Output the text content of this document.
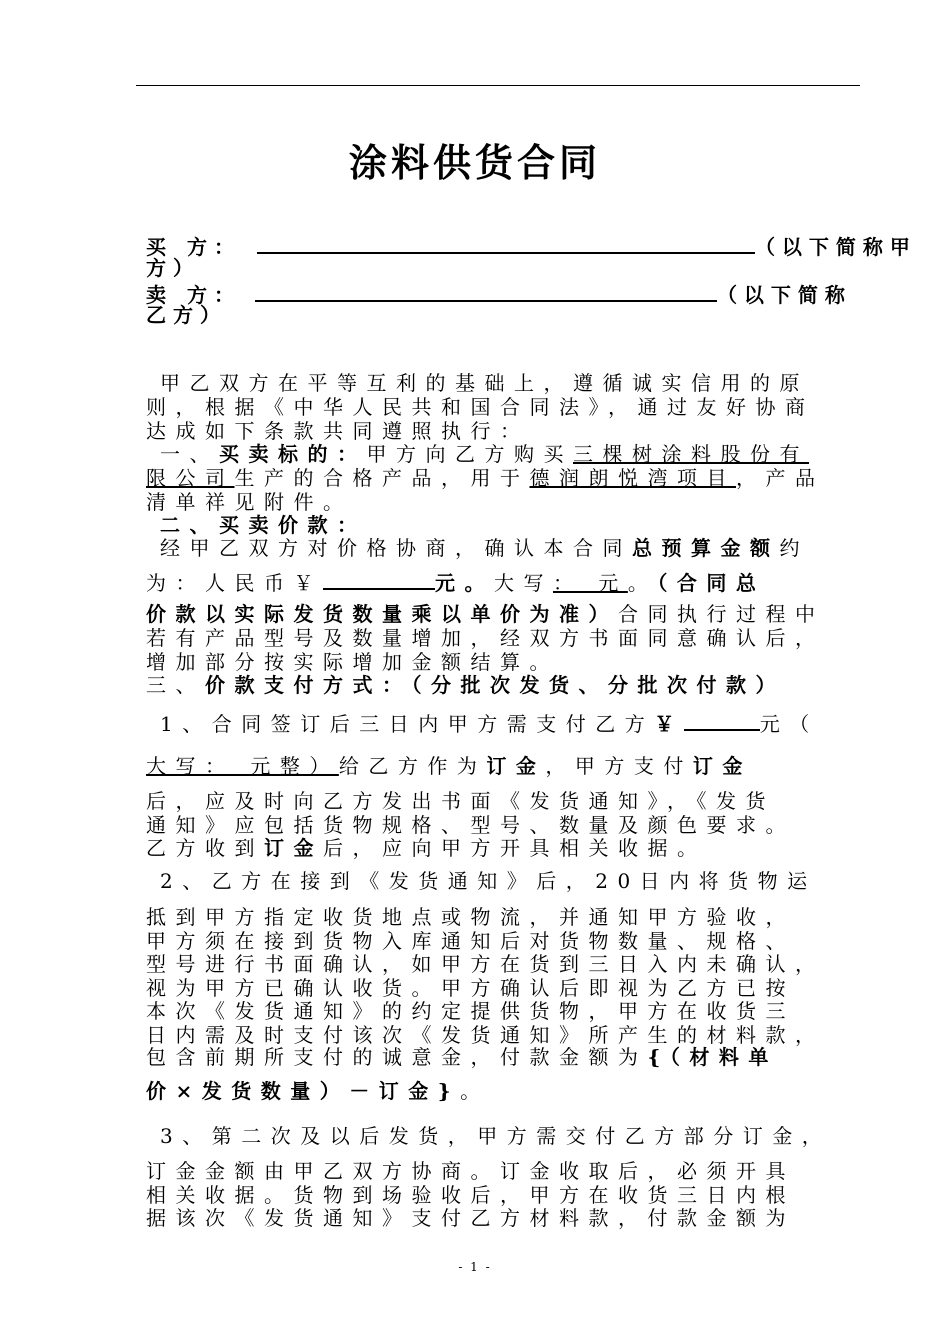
涂料供货合同
买 方：	（以下简称甲
方）
卖 方：	（以下简称
乙方）
甲乙双方在平等互利的基础上，遵循诚实信用的原
则，根据《中华人民共和国合同法》，通过友好协商
达成如下条款共同遵照执行：
一、买卖标的：甲方向乙方购买三棵树涂料股份有
限公司生产的合格产品，用于德润朗悦湾项目，产品
清单祥见附件。
二、买卖价款：
经甲乙双方对价格协商，确认本合同总预算金额约
为：人民币￥	元。大写： 元。（合同总
价款以实际发货数量乘以单价为准）合同执行过程中
若有产品型号及数量增加，经双方书面同意确认后，
增加部分按实际增加金额结算。
三、价款支付方式：（分批次发货、分批次付款）
1、合同签订后三日内甲方需支付乙方￥	元（
大写： 元整）给乙方作为订金，甲方支付订金
后，应及时向乙方发出书面《发货通知》，《发货
通知》应包括货物规格、型号、数量及颜色要求。
乙方收到订金后，应向甲方开具相关收据。
2、乙方在接到《发货通知》后，20日内将货物运
抵到甲方指定收货地点或物流，并通知甲方验收，
甲方须在接到货物入库通知后对货物数量、规格、
型号进行书面确认，如甲方在货到三日入内未确认，
视为甲方已确认收货。甲方确认后即视为乙方已按
本次《发货通知》的约定提供货物，甲方在收货三
日内需及时支付该次《发货通知》所产生的材料款，
包含前期所支付的诚意金，付款金额为{（材料单
价×发货数量）－订金}。
3、第二次及以后发货，甲方需交付乙方部分订金，
订金金额由甲乙双方协商。订金收取后，必须开具
相关收据。货物到场验收后，甲方在收货三日内根
据该次《发货通知》支付乙方材料款，付款金额为
- 1 -
